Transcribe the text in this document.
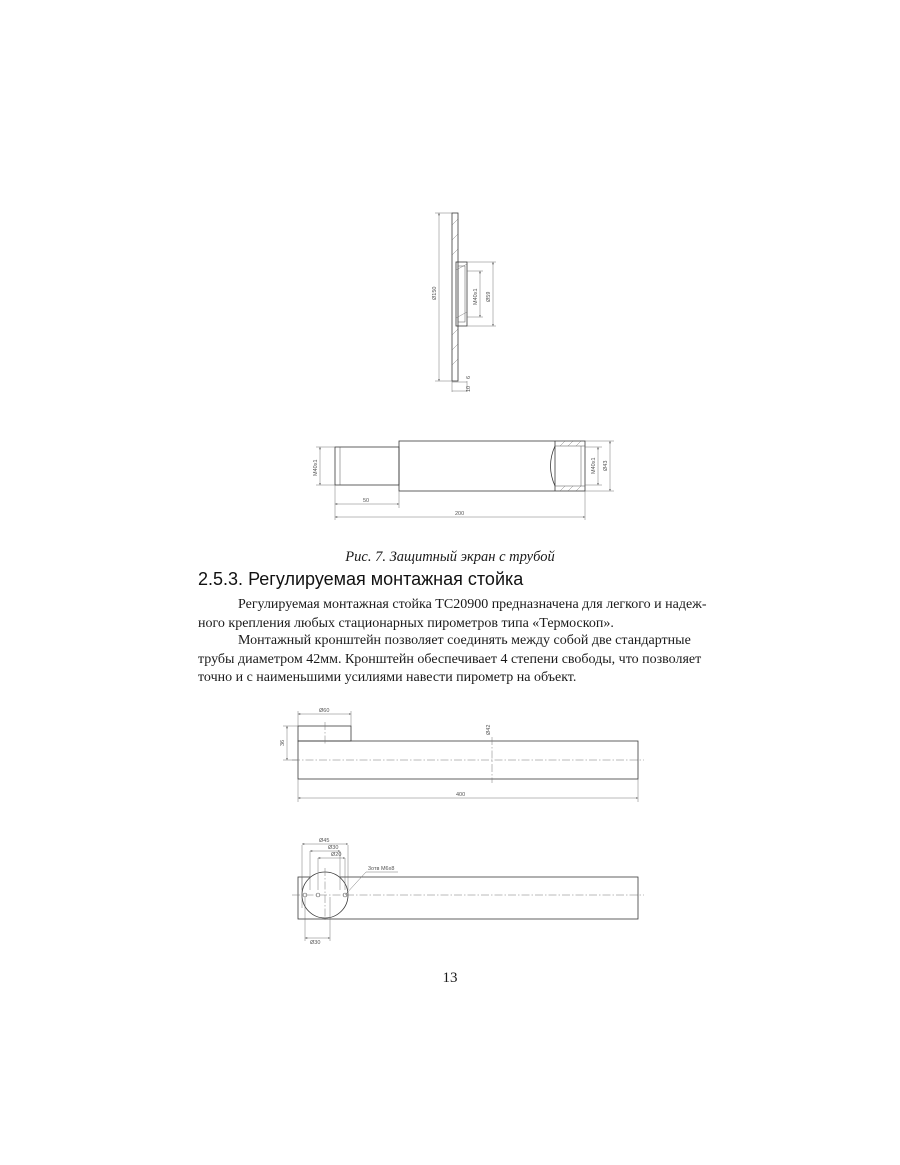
Ø150	M40x1 Ø59
6
10
M40x1	M40x1 Ø43
50
200
Ø60
36
Ø42
400
Ø45
Ø30
Ø20
3отв M6x8
Ø30
Рис. 7. Защитный экран с трубой
2.5.3. Регулируемая монтажная стойка

Регулируемая монтажная стойка ТС20900 предназначена для легкого и надеж-
ного крепления любых стационарных пирометров типа «Термоскоп».

Монтажный кронштейн позволяет соединять между собой две стандартные
трубы диаметром 42мм. Кронштейн обеспечивает 4 степени свободы, что позволяет
точно и с наименьшими усилиями навести пирометр на объект.

13
